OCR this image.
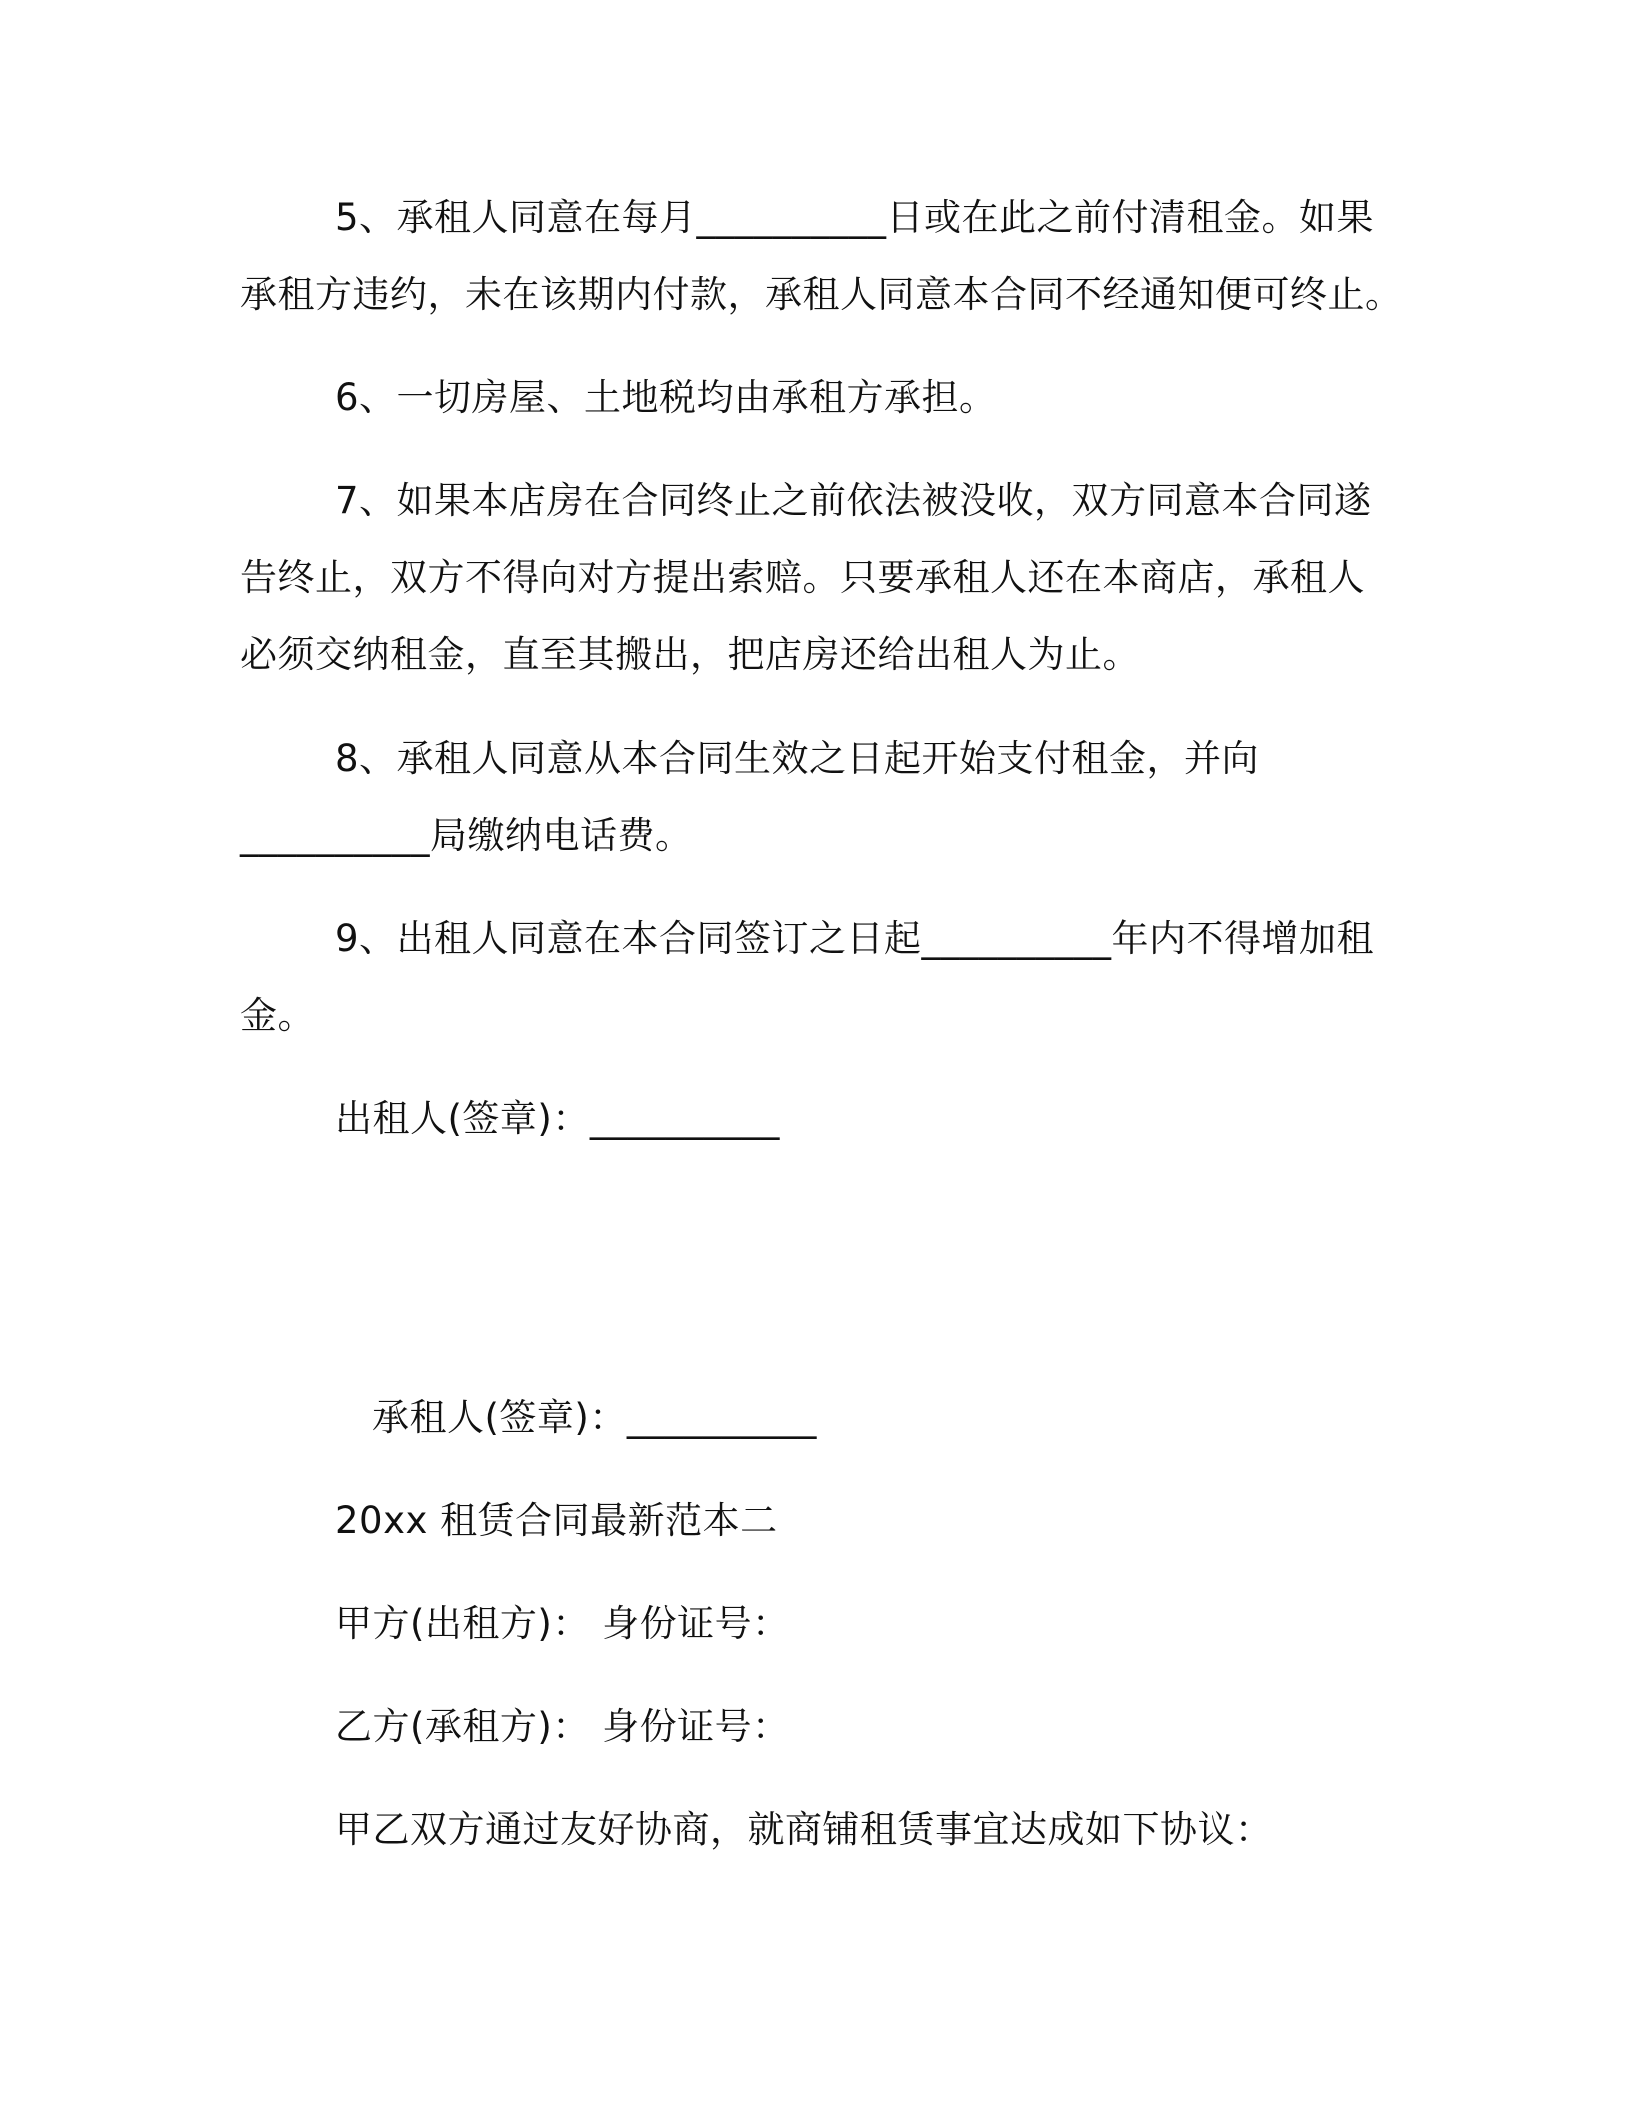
5、承租人同意在每月__________日或在此之前付清租金。如果
承租方违约，未在该期内付款，承租人同意本合同不经通知便可终止。
6、一切房屋、土地税均由承租方承担。
7、如果本店房在合同终止之前依法被没收，双方同意本合同遂
告终止，双方不得向对方提出索赔。只要承租人还在本商店，承租人
必须交纳租金，直至其搬出，把店房还给出租人为止。
8、承租人同意从本合同生效之日起开始支付租金，并向
__________局缴纳电话费。
9、出租人同意在本合同签订之日起__________年内不得增加租
金。
出租人(签章)：__________
承租人(签章)：__________
20xx 租赁合同最新范本二
甲方(出租方)： 身份证号：
乙方(承租方)： 身份证号：
甲乙双方通过友好协商，就商铺租赁事宜达成如下协议：
